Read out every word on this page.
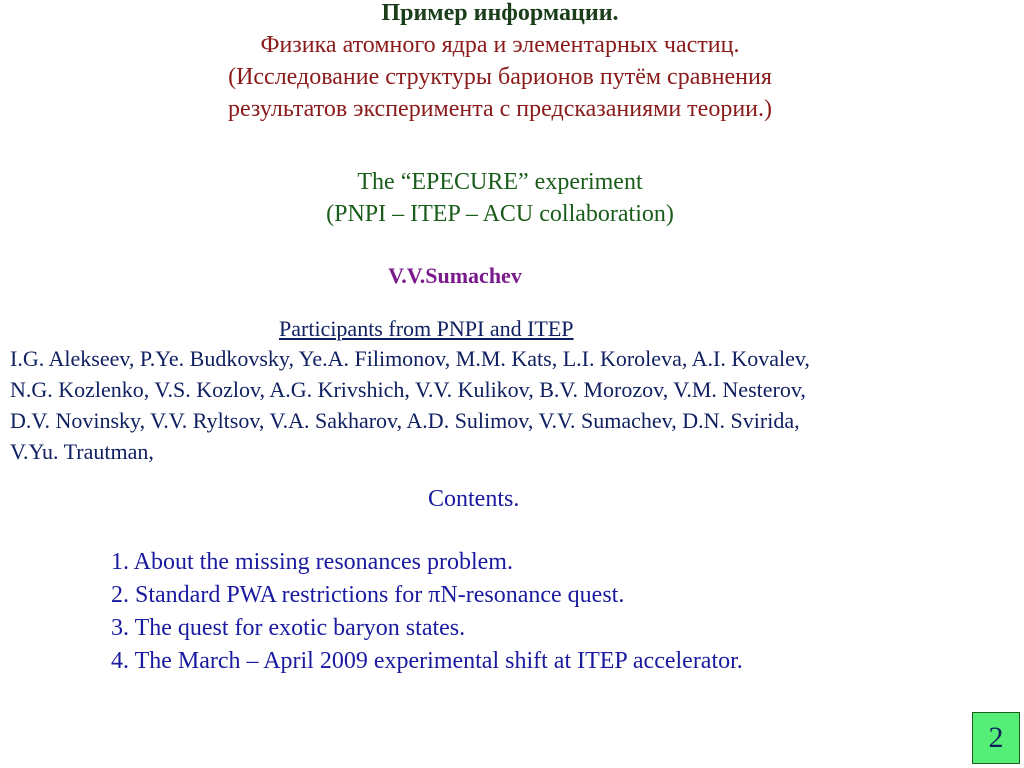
Пример информации.
Физика атомного ядра и элементарных частиц.
(Исследование структуры барионов путём сравнения
результатов эксперимента с предсказаниями теории.)
The “EPECURE” experiment
(PNPI – ITEP – ACU collaboration)
V.V.Sumachev
Participants from PNPI and ITEP
I.G. Alekseev, P.Ye. Budkovsky, Ye.A. Filimonov, M.M. Kats, L.I. Koroleva, A.I. Kovalev,
N.G. Kozlenko, V.S. Kozlov, A.G. Krivshich, V.V. Kulikov, B.V. Morozov, V.M. Nesterov,
D.V. Novinsky, V.V. Ryltsov, V.A. Sakharov, A.D. Sulimov, V.V. Sumachev, D.N. Svirida,
V.Yu. Trautman,
Contents.
1. About the missing resonances problem.
2. Standard PWA restrictions for πN-resonance quest.
3. The quest for exotic baryon states.
4. The March – April 2009 experimental shift at ITEP accelerator.
2
